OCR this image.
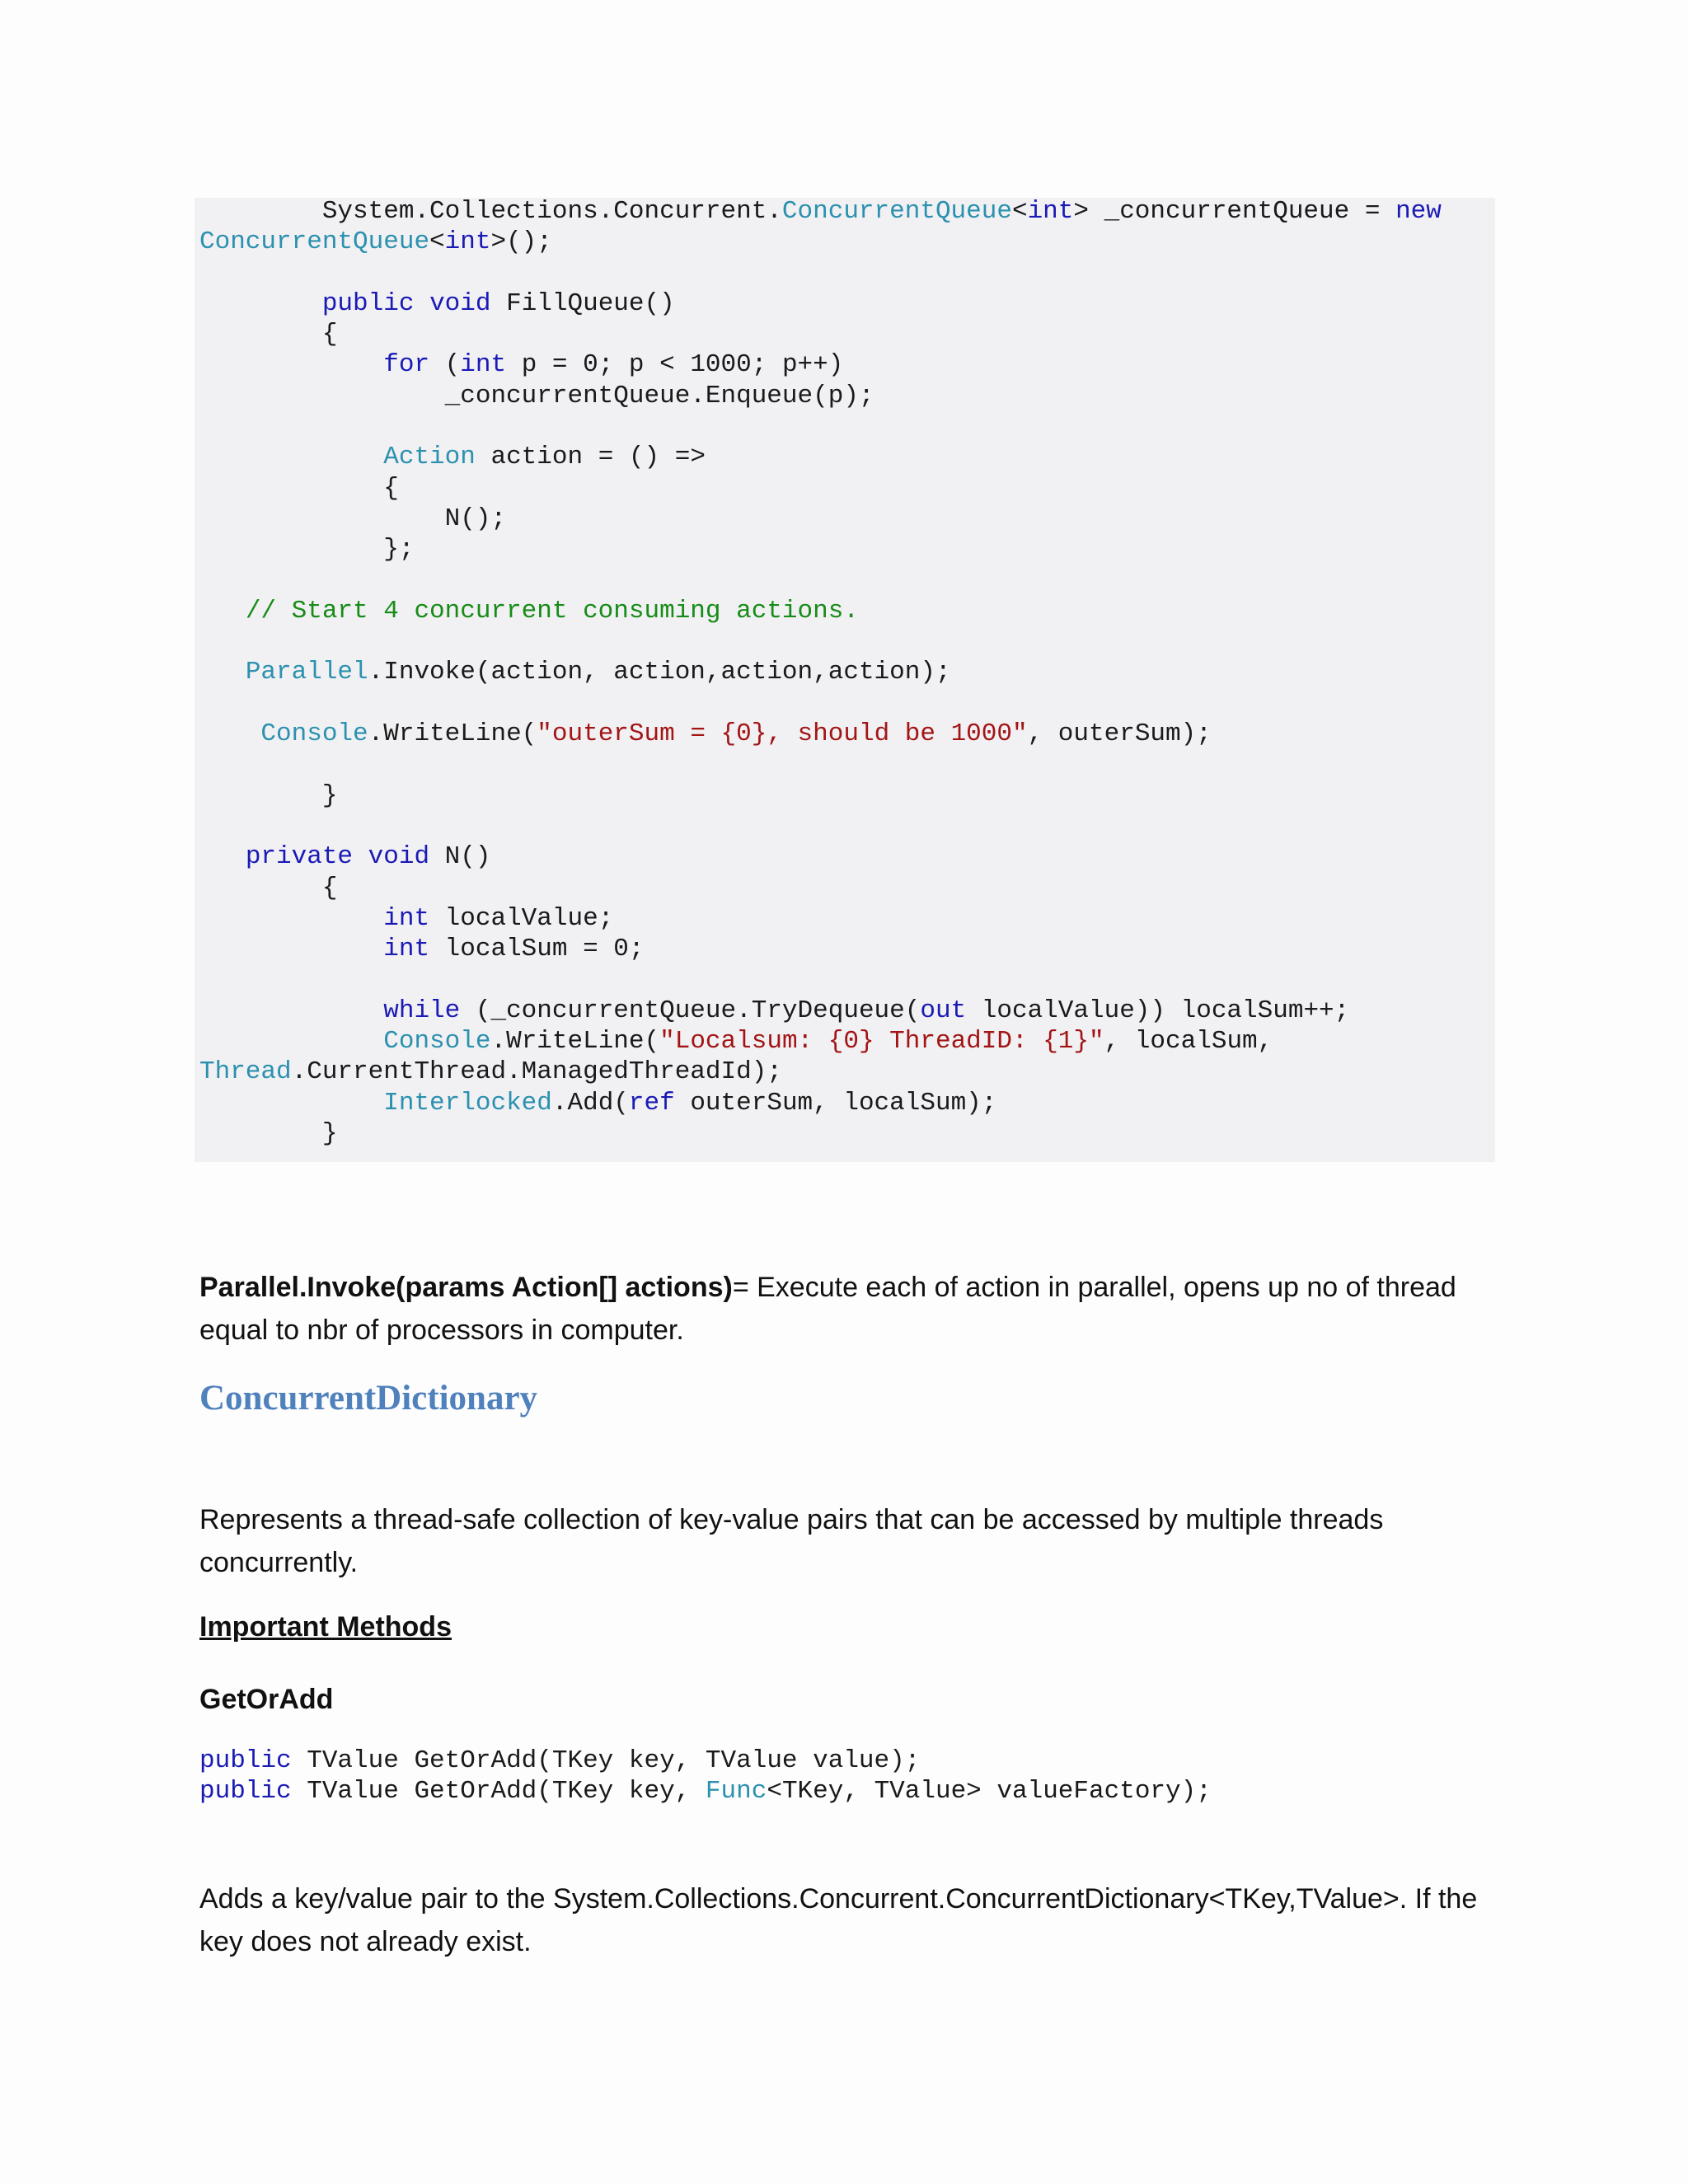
System.Collections.Concurrent.ConcurrentQueue<int> _concurrentQueue = new
ConcurrentQueue<int>();

public void FillQueue()
{
for (int p = 0; p < 1000; p++)
_concurrentQueue.Enqueue(p);

Action action = () =>
{
N();
};

// Start 4 concurrent consuming actions.

Parallel.Invoke(action, action,action,action);

Console.WriteLine("outerSum = {0}, should be 1000", outerSum);

}

private void N()
{
int localValue;
int localSum = 0;

while (_concurrentQueue.TryDequeue(out localValue)) localSum++;
Console.WriteLine("Localsum: {0} ThreadID: {1}", localSum,
Thread.CurrentThread.ManagedThreadId);
Interlocked.Add(ref outerSum, localSum);
}
Parallel.Invoke(params Action[] actions)= Execute each of action in parallel, opens up no of thread equal to nbr of processors in computer.
ConcurrentDictionary
Represents a thread-safe collection of key-value pairs that can be accessed by multiple threads concurrently.
Important Methods
GetOrAdd
public TValue GetOrAdd(TKey key, TValue value);
public TValue GetOrAdd(TKey key, Func<TKey, TValue> valueFactory);
Adds a key/value pair to the System.Collections.Concurrent.ConcurrentDictionary<TKey,TValue>. If the key does not already exist.
